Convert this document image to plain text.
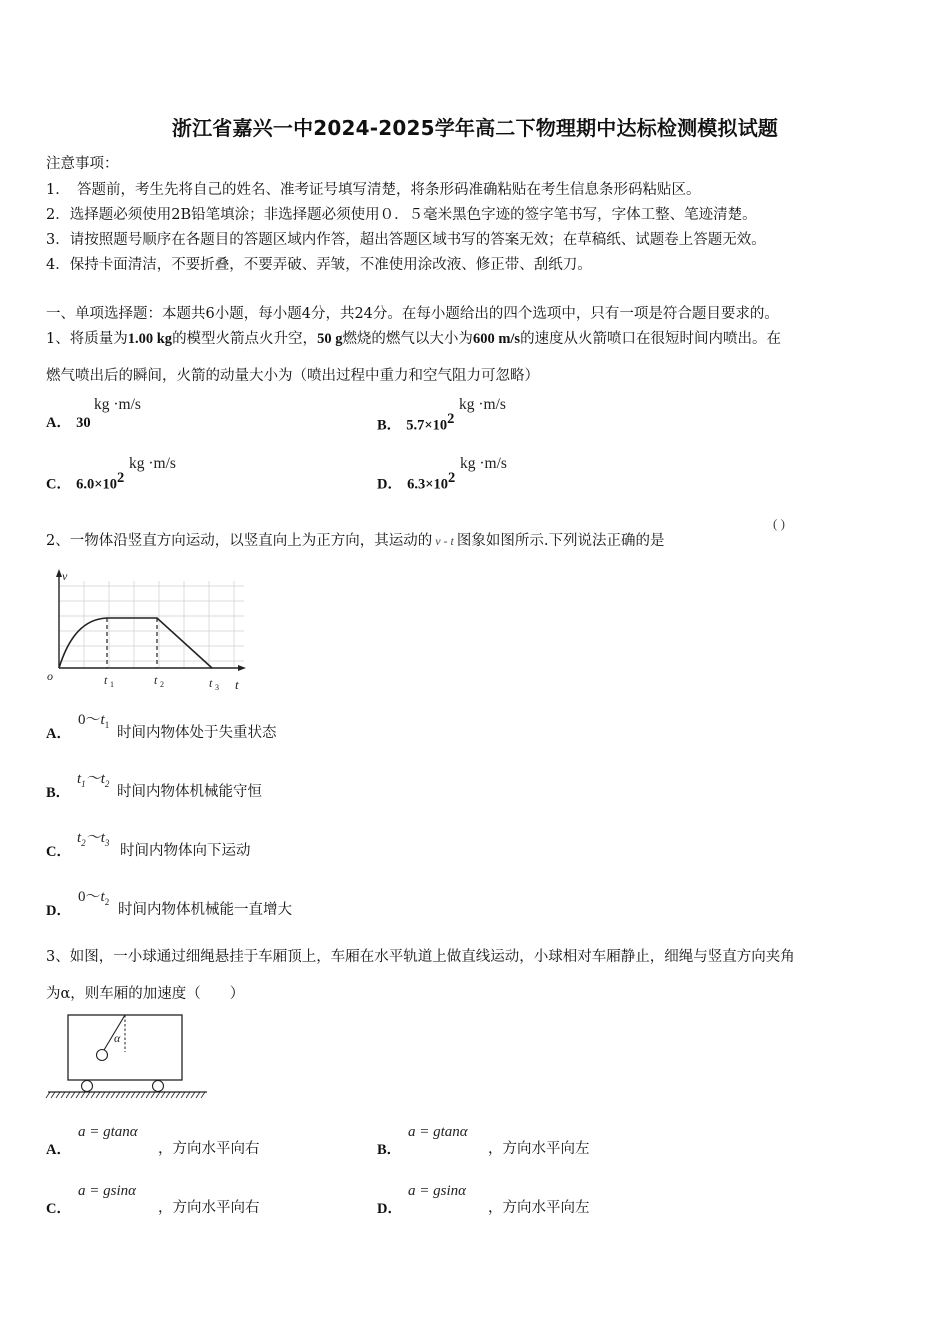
浙江省嘉兴一中2024-2025学年高二下物理期中达标检测模拟试题
注意事项：
1．　答题前，考生先将自己的姓名、准考证号填写清楚，将条形码准确粘贴在考生信息条形码粘贴区。
2．选择题必须使用2B铅笔填涂；非选择题必须使用０．５毫米黑色字迹的签字笔书写，字体工整、笔迹清楚。
3．请按照题号顺序在各题目的答题区域内作答，超出答题区域书写的答案无效；在草稿纸、试题卷上答题无效。
4．保持卡面清洁，不要折叠，不要弄破、弄皱，不准使用涂改液、修正带、刮纸刀。
一、单项选择题：本题共6小题，每小题4分，共24分。在每小题给出的四个选项中，只有一项是符合题目要求的。
1、将质量为1.00 kg的模型火箭点火升空，50 g燃烧的燃气以大小为600 m/s的速度从火箭喷口在很短时间内喷出。在
燃气喷出后的瞬间，火箭的动量大小为（喷出过程中重力和空气阻力可忽略）
A． 30
kg ·m/s
B． 5.7×102
kg ·m/s
C． 6.0×102
kg ·m/s
D． 6.3×102
kg ·m/s
2、一物体沿竖直方向运动，以竖直向上为正方向，其运动的 v - t 图象如图所示.下列说法正确的是
( )
v
o
t
t 1	t 2	t 3
A．
$0\sim t_1$ 时间内物体处于失重状态
B．
$t_1\sim t_2$ 时间内物体机械能守恒
C．
$t_2\sim t_3$ 时间内物体向下运动
D．
$0\sim t_2$ 时间内物体机械能一直增大
3、如图，一小球通过细绳悬挂于车厢顶上，车厢在水平轨道上做直线运动，小球相对车厢静止，细绳与竖直方向夹角
为α，则车厢的加速度（　　）
α
A．
a = gtanα
，方向水平向右	B．
a = gtanα
，方向水平向左
C．
a = gsinα
，方向水平向右	D．
a = gsinα
，方向水平向左
